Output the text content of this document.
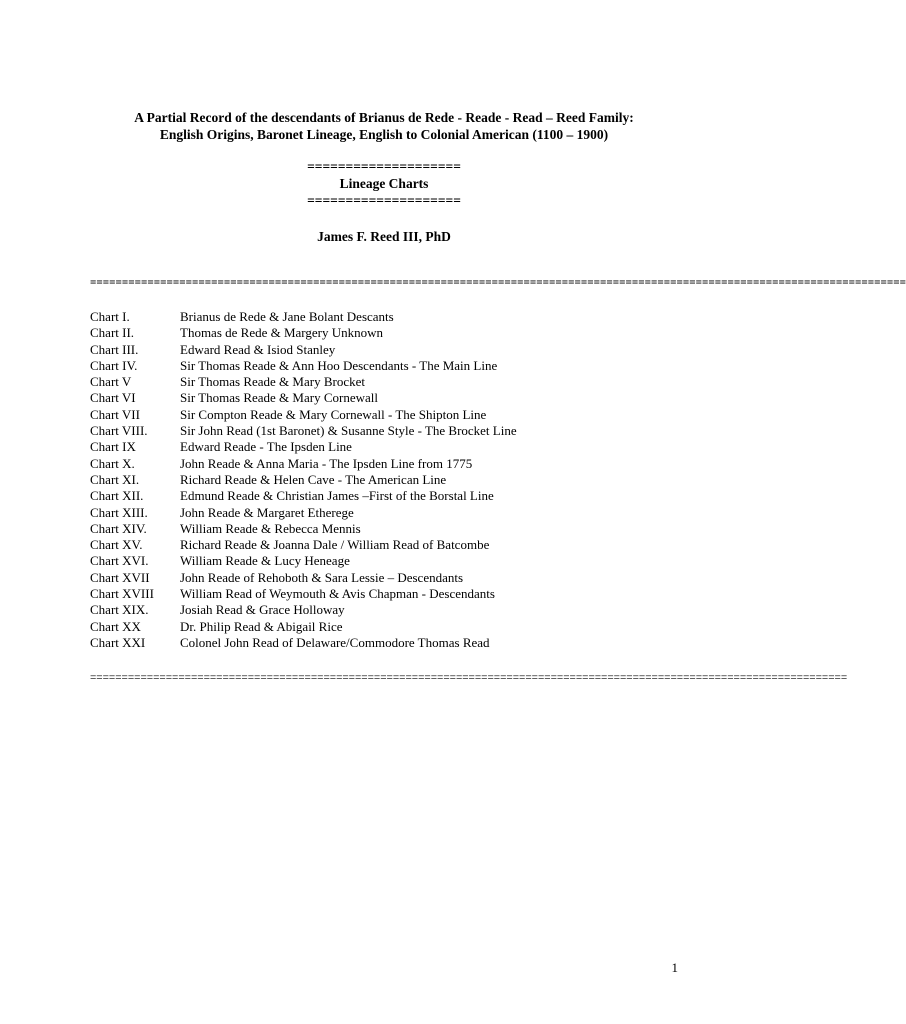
A Partial Record of the descendants of Brianus de Rede - Reade - Read – Reed Family:
English Origins, Baronet Lineage, English to Colonial American (1100 – 1900)
====================
Lineage Charts
====================
James F. Reed III, PhD
================================================================================================================================
Chart I.	Brianus de Rede & Jane Bolant Descants
Chart II.	Thomas de Rede & Margery Unknown
Chart III.	Edward Read & Isiod Stanley
Chart IV.	Sir Thomas Reade & Ann Hoo Descendants - The Main Line
Chart V	Sir Thomas Reade & Mary Brocket
Chart VI	Sir Thomas Reade & Mary Cornewall
Chart VII	Sir Compton Reade & Mary Cornewall - The Shipton Line
Chart VIII.	Sir John Read (1st Baronet) & Susanne Style - The Brocket Line
Chart IX	Edward Reade - The Ipsden Line
Chart X.	John Reade & Anna Maria - The Ipsden Line from 1775
Chart XI.	Richard Reade & Helen Cave - The American Line
Chart XII.	Edmund Reade & Christian James –First of the Borstal Line
Chart XIII.	John Reade & Margaret Etherege
Chart XIV.	William Reade & Rebecca Mennis
Chart XV.	Richard Reade & Joanna Dale / William Read of Batcombe
Chart XVI.	William Reade & Lucy Heneage
Chart XVII	John Reade of Rehoboth & Sara Lessie – Descendants
Chart XVIII	William Read of Weymouth & Avis Chapman - Descendants
Chart XIX.	Josiah Read & Grace Holloway
Chart XX	Dr. Philip Read & Abigail Rice
Chart XXI	Colonel John Read of Delaware/Commodore Thomas Read
========================================================================================================================
1
